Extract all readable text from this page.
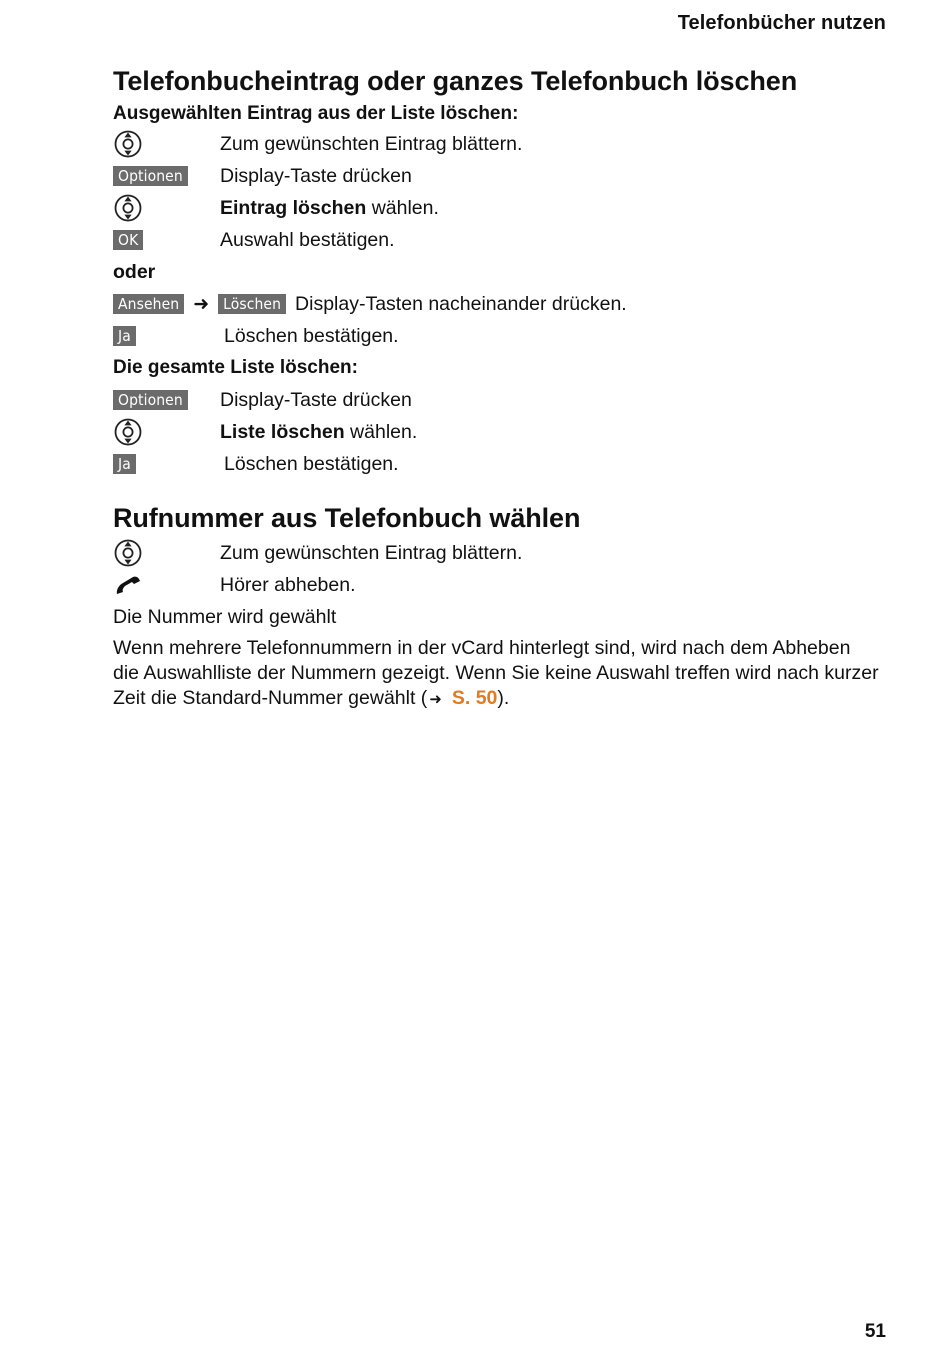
Telefonbücher nutzen
Telefonbucheintrag oder ganzes Telefonbuch löschen
Ausgewählten Eintrag aus der Liste löschen:
Zum gewünschten Eintrag blättern.
Optionen Display-Taste drücken
Eintrag löschen wählen.
OK	Auswahl bestätigen.
oder
Ansehen ➜ Löschen Display-Tasten nacheinander drücken.
Ja	Löschen bestätigen.
Die gesamte Liste löschen:
Optionen Display-Taste drücken
Liste löschen wählen.
Ja	Löschen bestätigen.
Rufnummer aus Telefonbuch wählen
Zum gewünschten Eintrag blättern.
Hörer abheben.

Die Nummer wird gewählt

Wenn mehrere Telefonnummern in der vCard hinterlegt sind, wird nach dem Abheben

die Auswahlliste der Nummern gezeigt. Wenn Sie keine Auswahl treffen wird nach kurzer

Zeit die Standard-Nummer gewählt ( ➜ S. 50).

51
